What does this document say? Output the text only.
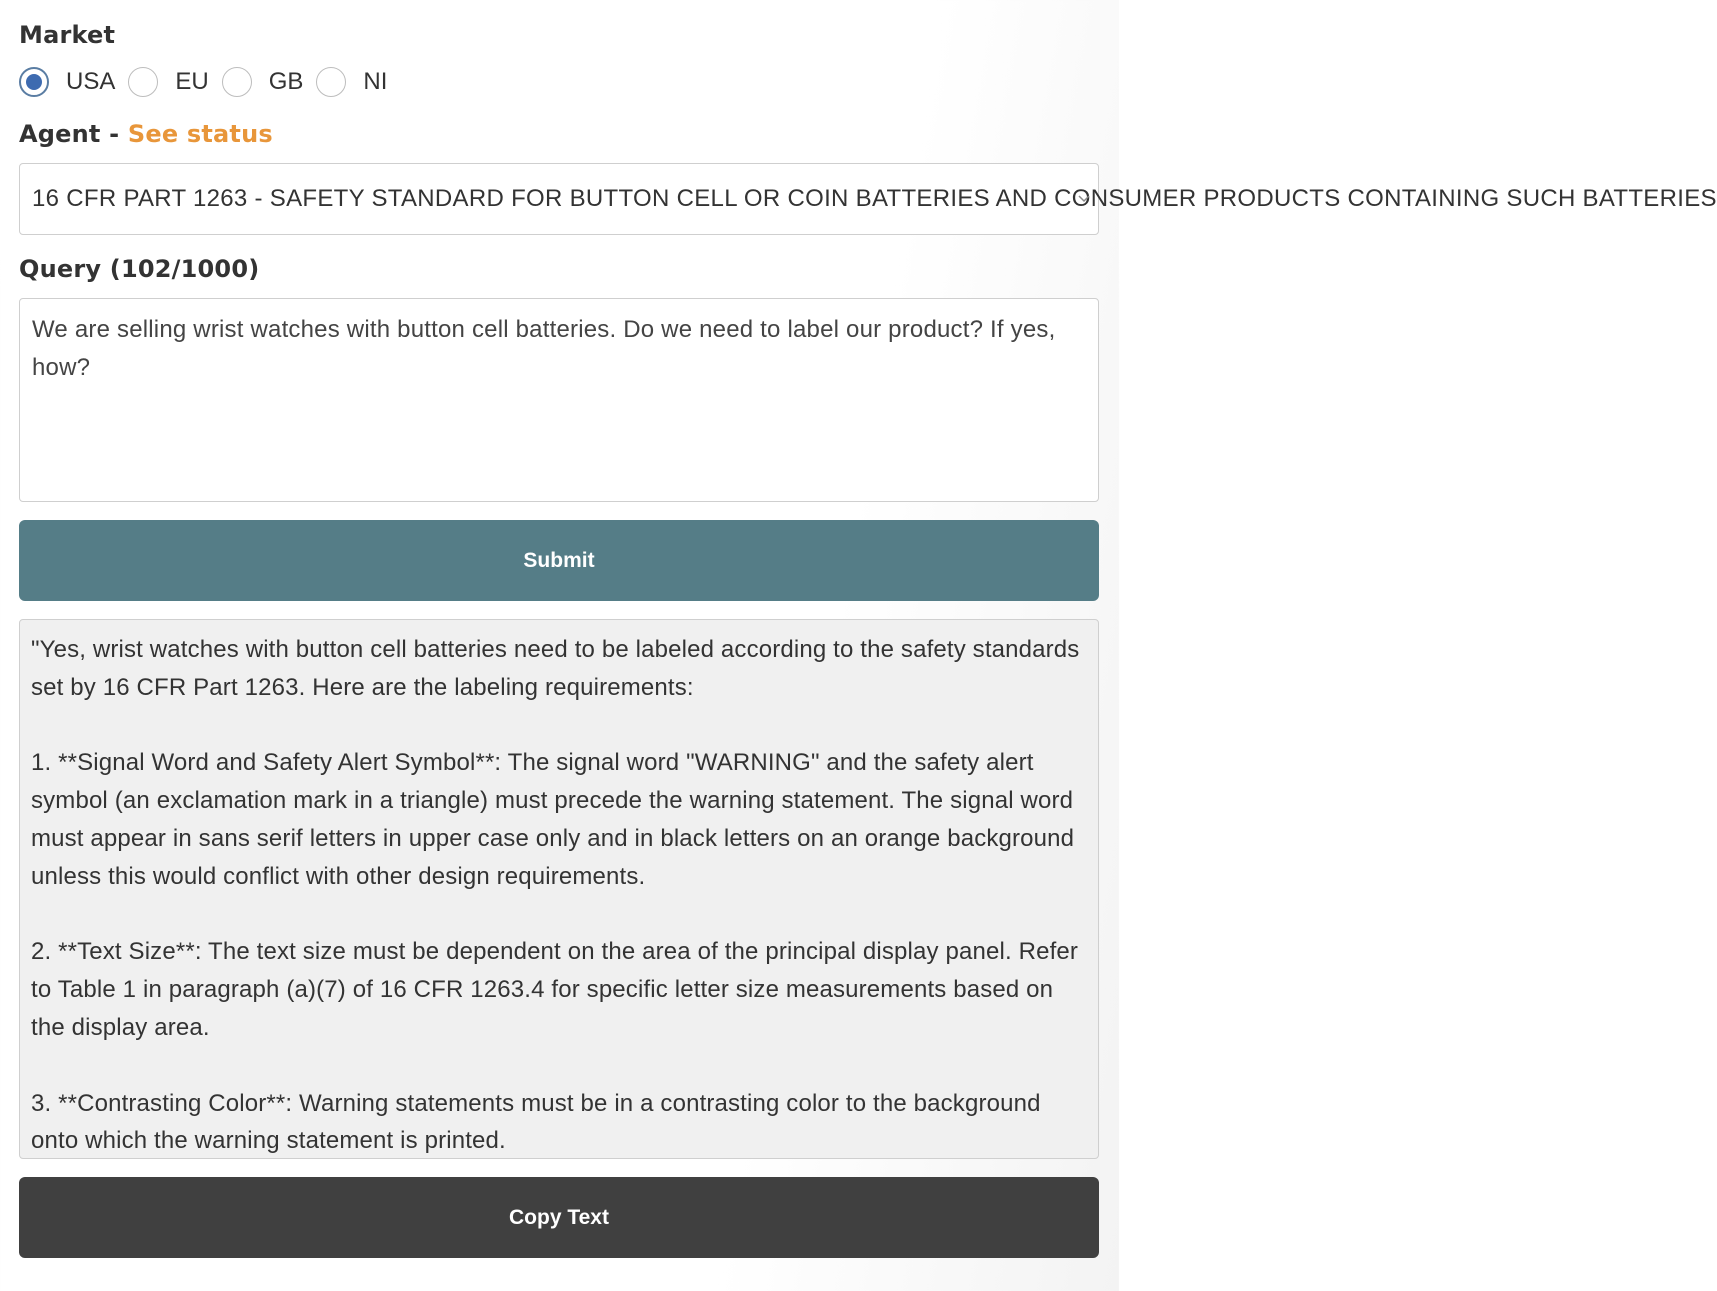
Market
USA	EU	GB	NI
Agent - See status
16 CFR PART 1263 - SAFETY STANDARD FOR BUTTON CELL OR COIN BATTERIES AND CONSUMER PRODUCTS CONTAINING SUCH BATTERIES
Query (102/1000)
We are selling wrist watches with button cell batteries. Do we need to label our product? If yes, how?
Submit

"Yes, wrist watches with button cell batteries need to be labeled according to the safety standards set by 16 CFR Part 1263. Here are the labeling requirements:

1. **Signal Word and Safety Alert Symbol**: The signal word "WARNING" and the safety alert symbol (an exclamation mark in a triangle) must precede the warning statement. The signal word must appear in sans serif letters in upper case only and in black letters on an orange background unless this would conflict with other design requirements.

2. **Text Size**: The text size must be dependent on the area of the principal display panel. Refer to Table 1 in paragraph (a)(7) of 16 CFR 1263.4 for specific letter size measurements based on the display area.

3. **Contrasting Color**: Warning statements must be in a contrasting color to the background onto which the warning statement is printed.

Copy Text
